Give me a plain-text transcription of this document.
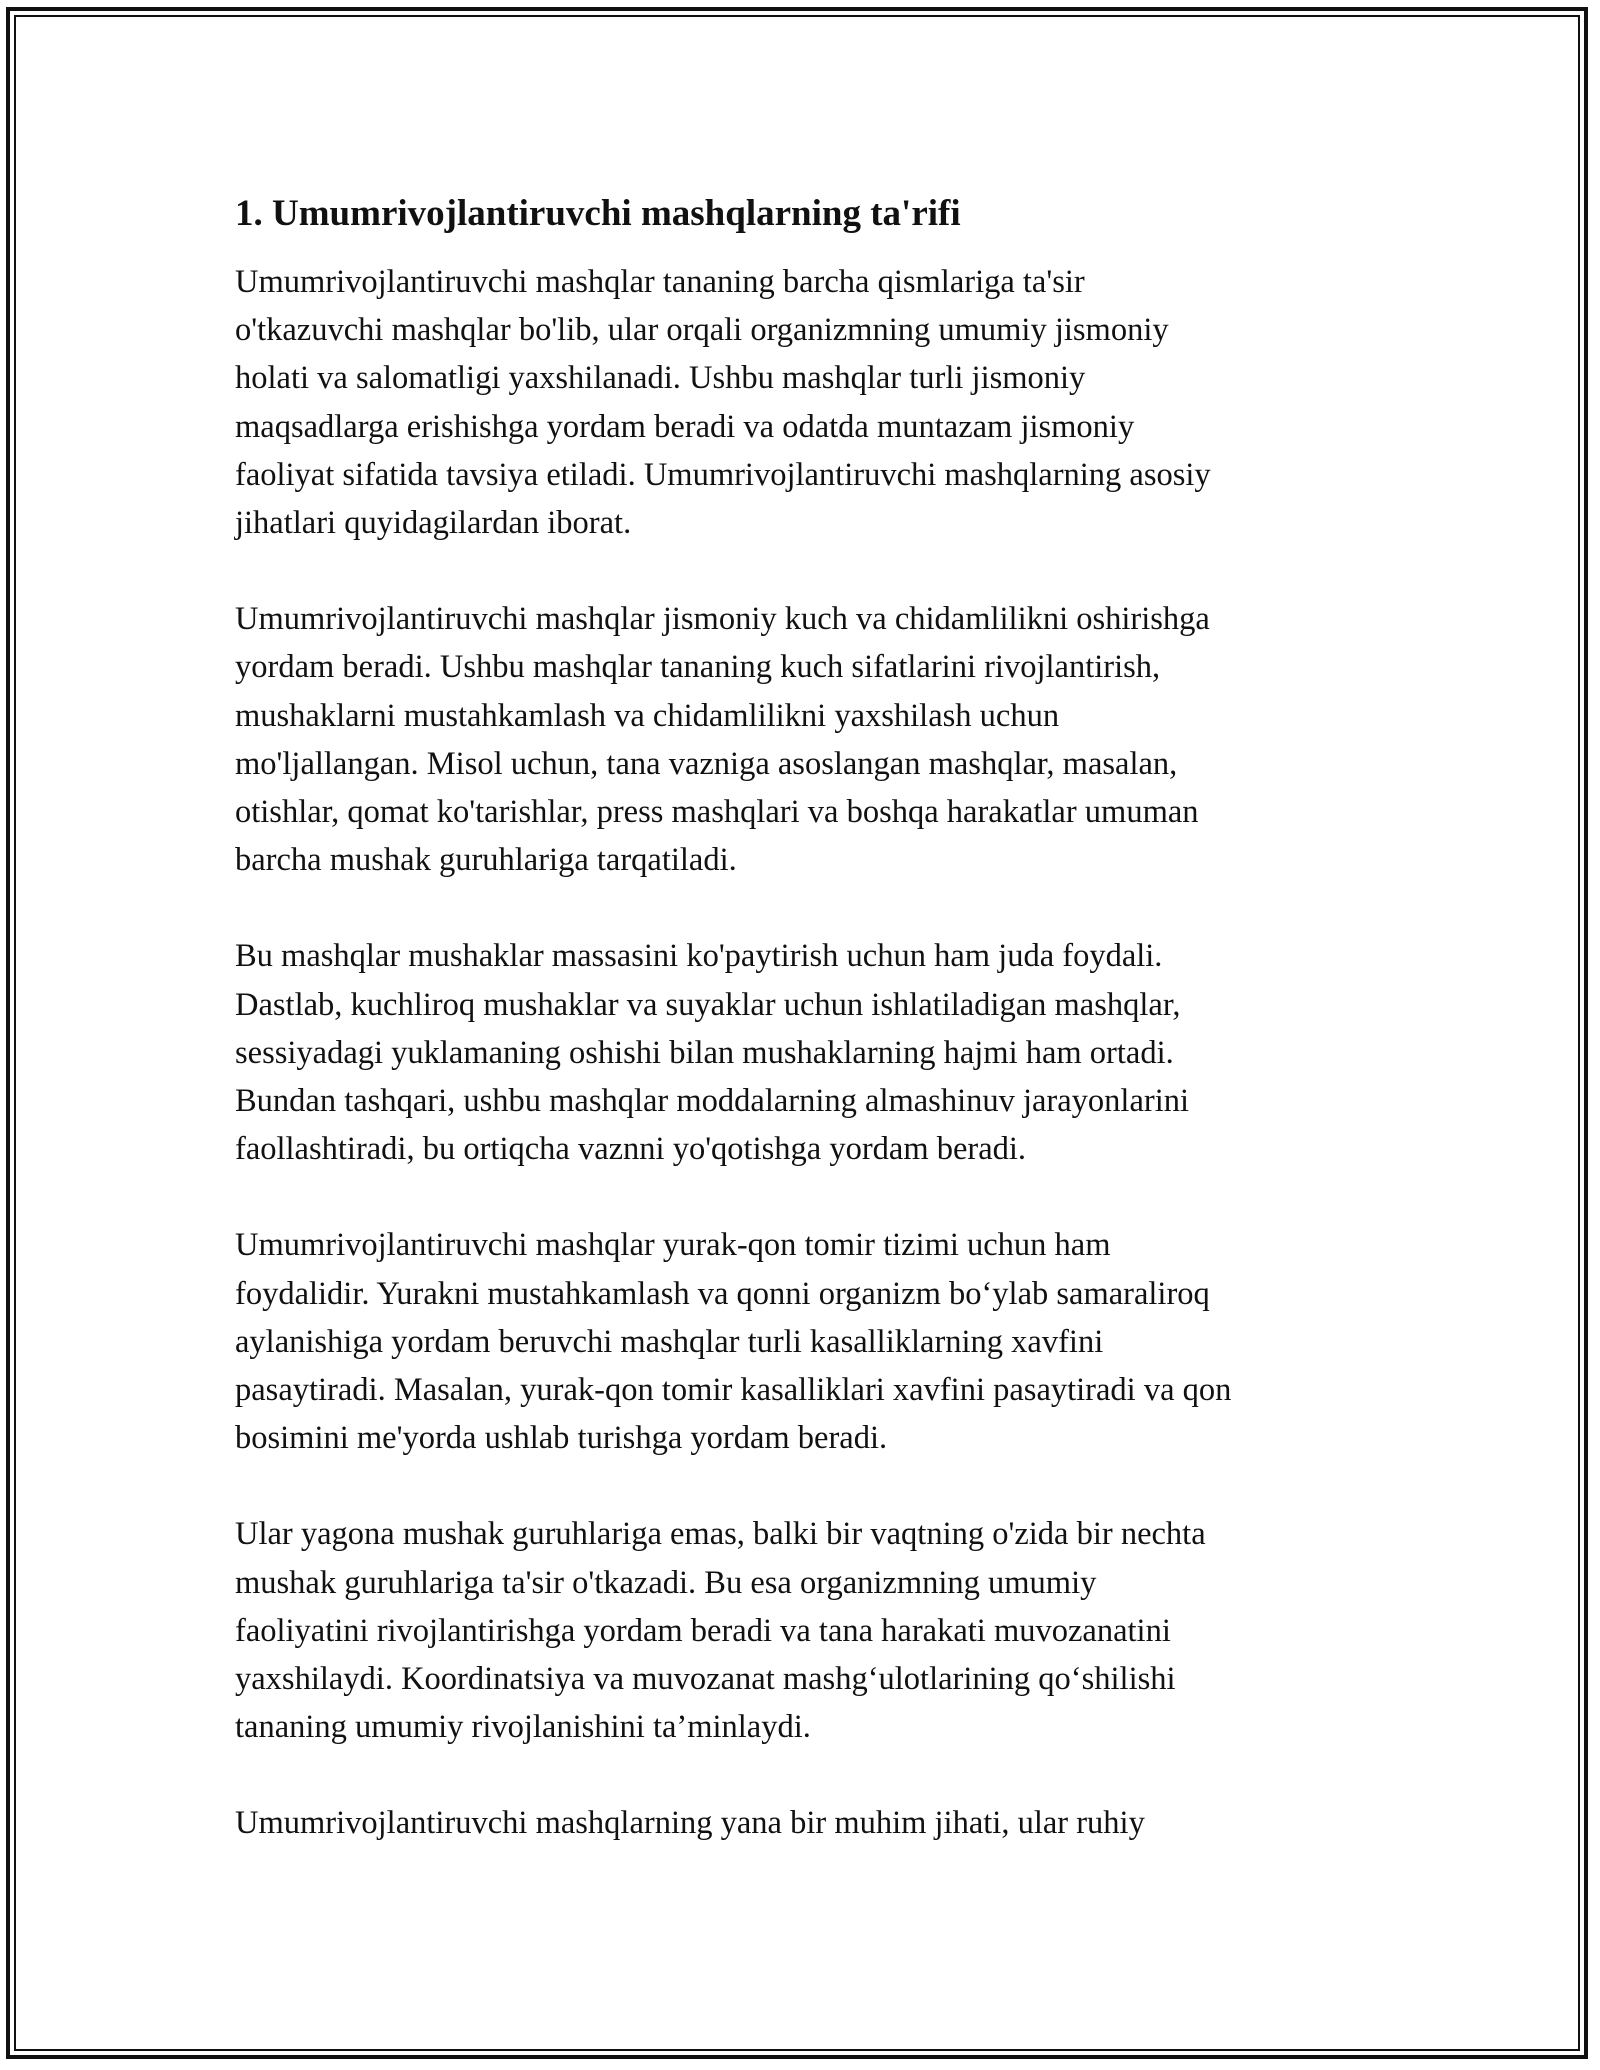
1. Umumrivojlantiruvchi mashqlarning ta'rifi

Umumrivojlantiruvchi mashqlar tananing barcha qismlariga ta'sir
o'tkazuvchi mashqlar bo'lib, ular orqali organizmning umumiy jismoniy
holati va salomatligi yaxshilanadi. Ushbu mashqlar turli jismoniy
maqsadlarga erishishga yordam beradi va odatda muntazam jismoniy
faoliyat sifatida tavsiya etiladi. Umumrivojlantiruvchi mashqlarning asosiy
jihatlari quyidagilardan iborat.

Umumrivojlantiruvchi mashqlar jismoniy kuch va chidamlilikni oshirishga
yordam beradi. Ushbu mashqlar tananing kuch sifatlarini rivojlantirish,
mushaklarni mustahkamlash va chidamlilikni yaxshilash uchun
mo'ljallangan. Misol uchun, tana vazniga asoslangan mashqlar, masalan,
otishlar, qomat ko'tarishlar, press mashqlari va boshqa harakatlar umuman
barcha mushak guruhlariga tarqatiladi.

Bu mashqlar mushaklar massasini ko'paytirish uchun ham juda foydali.
Dastlab, kuchliroq mushaklar va suyaklar uchun ishlatiladigan mashqlar,
sessiyadagi yuklamaning oshishi bilan mushaklarning hajmi ham ortadi.
Bundan tashqari, ushbu mashqlar moddalarning almashinuv jarayonlarini
faollashtiradi, bu ortiqcha vaznni yo'qotishga yordam beradi.

Umumrivojlantiruvchi mashqlar yurak-qon tomir tizimi uchun ham
foydalidir. Yurakni mustahkamlash va qonni organizm bo‘ylab samaraliroq
aylanishiga yordam beruvchi mashqlar turli kasalliklarning xavfini
pasaytiradi. Masalan, yurak-qon tomir kasalliklari xavfini pasaytiradi va qon
bosimini me'yorda ushlab turishga yordam beradi.

Ular yagona mushak guruhlariga emas, balki bir vaqtning o'zida bir nechta
mushak guruhlariga ta'sir o'tkazadi. Bu esa organizmning umumiy
faoliyatini rivojlantirishga yordam beradi va tana harakati muvozanatini
yaxshilaydi. Koordinatsiya va muvozanat mashg‘ulotlarining qo‘shilishi
tananing umumiy rivojlanishini ta’minlaydi.

Umumrivojlantiruvchi mashqlarning yana bir muhim jihati, ular ruhiy
